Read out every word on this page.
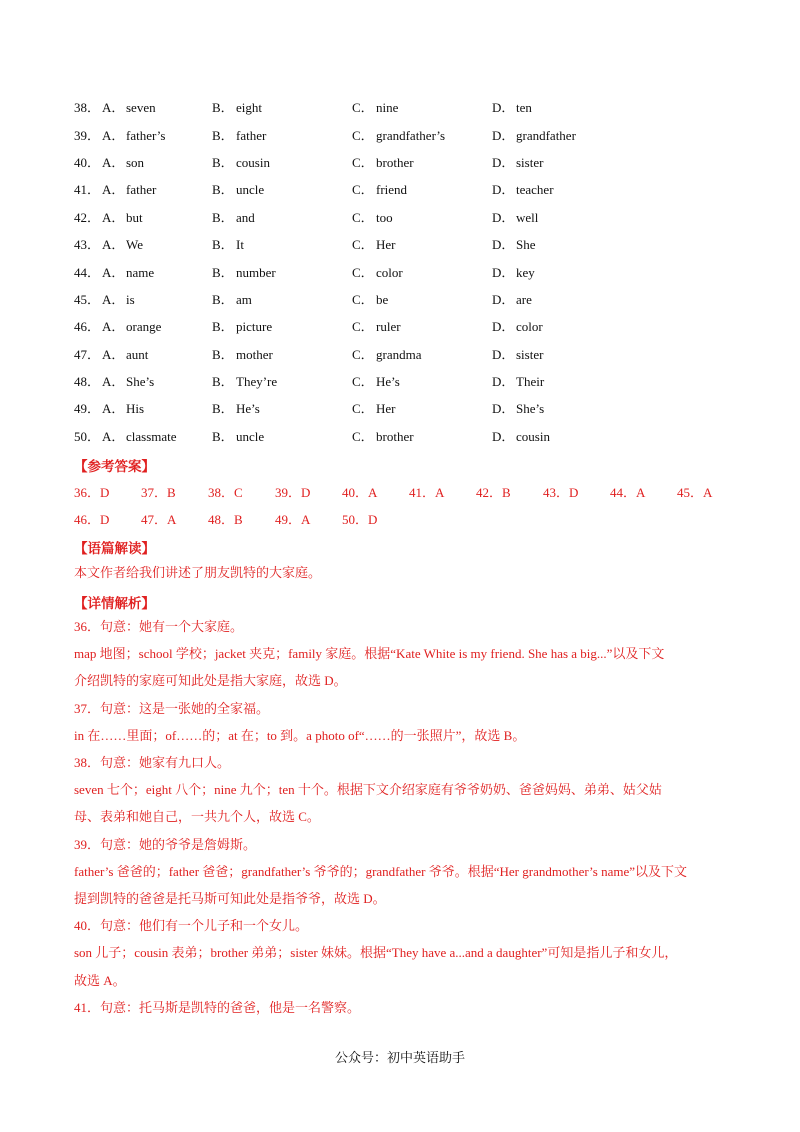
38． A． seven	B． eight	C． nine	D． ten
39． A． father’s	B． father	C． grandfather’s	D． grandfather
40． A． son	B． cousin	C． brother	D． sister
41． A． father	B． uncle	C． friend	D． teacher
42． A． but	B． and	C． too	D． well
43． A． We	B． It	C． Her	D． She
44． A． name	B． number	C． color	D． key
45． A． is	B． am	C． be	D． are
46． A． orange	B． picture	C． ruler	D． color
47． A． aunt	B． mother	C． grandma	D． sister
48． A． She’s	B． They’re	C． He’s	D． Their
49． A． His	B． He’s	C． Her	D． She’s
50． A． classmate	B． uncle	C． brother	D． cousin
【参考答案】
36．D	37．B	38．C	39．D	40．A	41．A	42．B	43．D	44．A	45．A
46．D	47．A	48．B	49．A	50．D
【语篇解读】
本文作者给我们讲述了朋友凯特的大家庭。
【详情解析】
36．句意：她有一个大家庭。
map 地图；school 学校；jacket 夹克；family 家庭。根据“Kate White is my friend. She has a big...”以及下文
介绍凯特的家庭可知此处是指大家庭，故选 D。
37．句意：这是一张她的全家福。
in 在……里面；of……的；at 在；to 到。a photo of“……的一张照片”，故选 B。
38．句意：她家有九口人。
seven 七个；eight 八个；nine 九个；ten 十个。根据下文介绍家庭有爷爷奶奶、爸爸妈妈、弟弟、姑父姑
母、表弟和她自己，一共九个人，故选 C。
39．句意：她的爷爷是詹姆斯。
father’s 爸爸的；father 爸爸；grandfather’s 爷爷的；grandfather 爷爷。根据“Her grandmother’s name”以及下文
提到凯特的爸爸是托马斯可知此处是指爷爷，故选 D。
40．句意：他们有一个儿子和一个女儿。
son 儿子；cousin 表弟；brother 弟弟；sister 妹妹。根据“They have a...and a daughter”可知是指儿子和女儿，
故选 A。
41．句意：托马斯是凯特的爸爸，他是一名警察。
公众号：初中英语助手
